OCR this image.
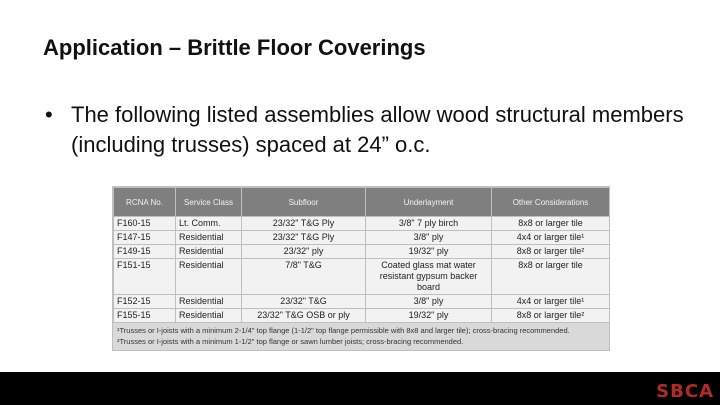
Application – Brittle Floor Coverings
• The following listed assemblies allow wood structural members (including trusses) spaced at 24” o.c.
RCNA No.	Service Class	Subfloor	Underlayment	Other Considerations
F160-15	Lt. Comm.	23/32" T&G Ply	3/8" 7 ply birch	8x8 or larger tile
F147-15	Residential	23/32" T&G Ply	3/8" ply	4x4 or larger tile¹
F149-15	Residential	23/32" ply	19/32" ply	8x8 or larger tile²
F151-15	Residential	7/8" T&G	Coated glass mat water resistant gypsum backer board	8x8 or larger tile
F152-15	Residential	23/32" T&G	3/8" ply	4x4 or larger tile¹
F155-15	Residential	23/32" T&G OSB or ply	19/32" ply	8x8 or larger tile²
¹Trusses or I-joists with a minimum 2-1/4" top flange (1-1/2" top flange permissible with 8x8 and larger tile); cross-bracing recommended.
²Trusses or I-joists with a minimum 1-1/2" top flange or sawn lumber joists; cross-bracing recommended.
SBCA
